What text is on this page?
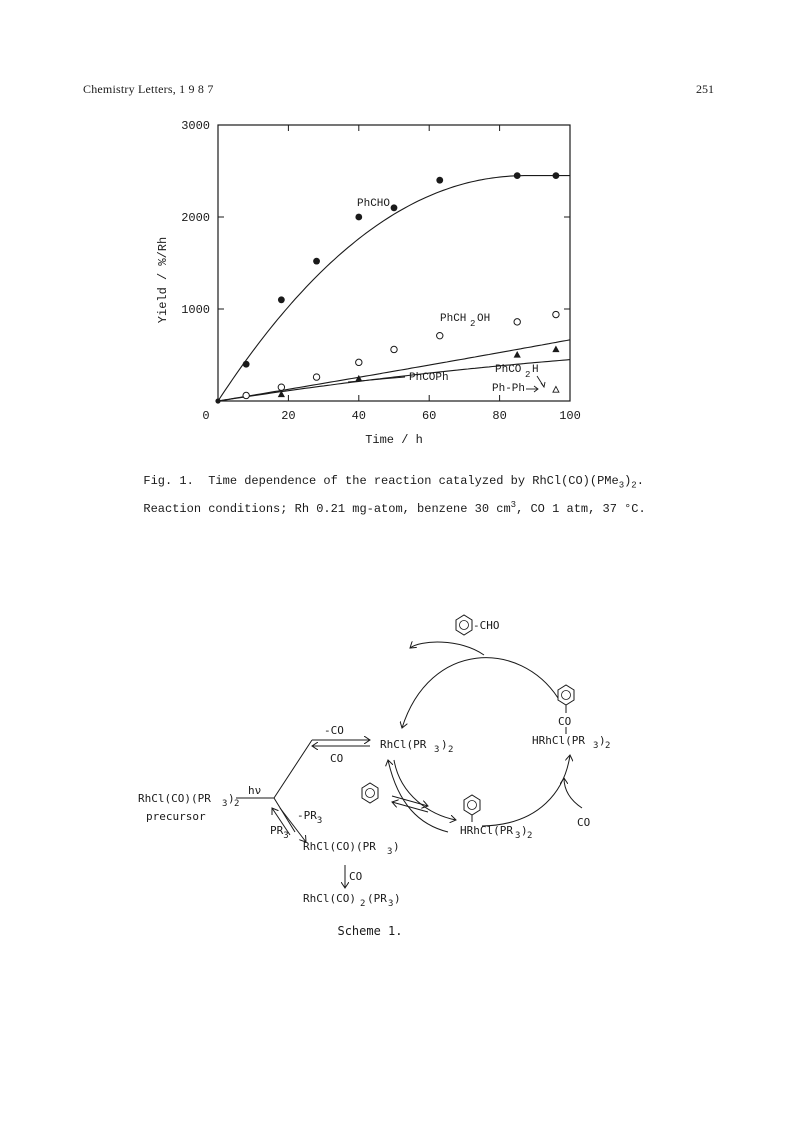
Chemistry Letters, 1 9 8 7	251
0	20	40	60	80	100
1000
2000
3000
Time / h
Yield / %/Rh
PhCHO
PhCH 2 OH
PhCOPh
PhCO 2 H
Ph-Ph

Fig. 1.  Time dependence of the reaction catalyzed by $RhCl(CO)(PMe_3)_2$.

Reaction conditions; Rh 0.21 mg-atom, benzene 30 $cm^3$, CO 1 atm, 37 °C.

-CHO
RhCl(PR 3 ) 2
CO
HRhCl(PR 3 ) 2
HRhCl(PR 3 ) 2
CO
-CO
CO
RhCl(CO)(PR 3 ) 2
precursor
hν
$-PR_3$
$PR_3$
RhCl(CO)(PR 3 )
CO
RhCl(CO) 2 (PR 3 )
Scheme 1.
